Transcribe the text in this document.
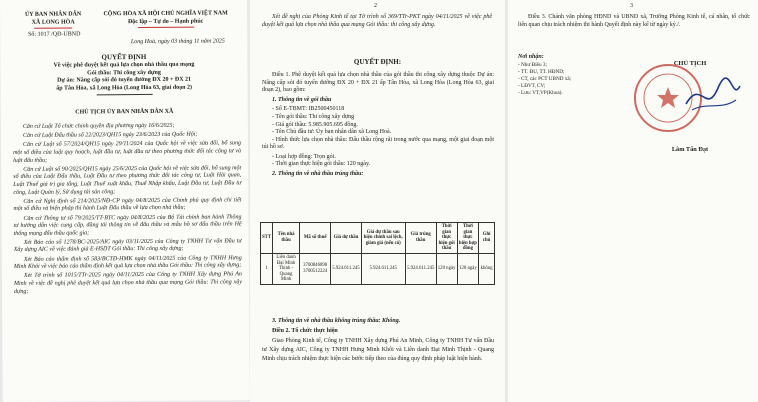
ỦY BAN NHÂN DÂN
XÃ LONG HÒA
Số: 1017 /QĐ-UBND
CỘNG HÒA XÃ HỘI CHỦ NGHĨA VIỆT NAM
Độc lập – Tự do – Hạnh phúc
Long Hoà, ngày 03 tháng 11 năm 2025
QUYẾT ĐỊNH
Về việc phê duyệt kết quả lựa chọn nhà thầu qua mạng
Gói thầu: Thi công xây dựng
Dự án: Nâng cấp sỏi đỏ tuyến đường ĐX 20 + ĐX 21
ấp Tân Hòa, xã Long Hòa (Long Hòa 63, giai đoạn 2)
CHỦ TỊCH ỦY BAN NHÂN DÂN XÃ
Căn cứ Luật Tổ chức chính quyền địa phương ngày 16/6/2025;
Căn cứ Luật Đấu thầu số 22/2023/QH15 ngày 23/6/2023 của Quốc Hội;
Căn cứ Luật số 57/2024/QH15 ngày 29/11/2024 của Quốc hội về việc sửa đổi, bổ sung một số điều của luật quy hoạch, luật đầu tư, luật đầu tư theo phương thức đối tác công tư và luật đấu thầu;
Căn cứ Luật số 90/2025/QH15 ngày 25/6/2025 của Quốc hội về việc sửa đổi, bổ sung một số điều của Luật Đấu thầu, Luật Đầu tư theo phương thức đối tác công tư, Luật Hải quan, Luật Thuế giá trị gia tăng, Luật Thuế xuất khẩu, Thuế Nhập khẩu, Luật Đầu tư, Luật Đầu tư công, Luật Quản lý, Sử dụng tài sản công;
Căn cứ Nghị định số 214/2025/NĐ-CP ngày 04/8/2025 của Chính phủ quy định chi tiết một số điều và biện pháp thi hành Luật Đấu thầu về lựa chọn nhà thầu;
Căn cứ Thông tư số 79/2025/TT-BTC ngày 04/8/2025 của Bộ Tài chính ban hành Thông tư hướng dẫn việc cung cấp, đăng tải thông tin về đấu thầu và mẫu hồ sơ đấu thầu trên Hệ thống mạng đấu thầu quốc gia;
Xét Báo cáo số 1278/BC-2025/AIC ngày 03/11/2025 của Công ty TNHH Tư vấn Đầu tư Xây dựng AIC về việc đánh giá E-HSDT Gói thầu: Thi công xây dựng;
Xét Báo cáo thẩm định số 583/BCTĐ-HMK ngày 04/11/2025 của Công ty TNHH Hưng Minh Khôi về việc báo cáo thẩm định kết quả lựa chọn nhà thầu Gói thầu: Thi công xây dựng;
Xét Tờ trình số 1015/TTr-2025 ngày 04/11/2025 của Công ty TNHH Xây dựng Phú An Minh về việc đề nghị phê duyệt kết quả lựa chọn nhà thầu qua mạng Gói thầu: Thi công xây dựng;
2
Xét đề nghị của Phòng Kinh tế tại Tờ trình số 369/TTr-PKT ngày 04/11/2025 về việc phê duyệt kết quả lựa chọn nhà thầu qua mạng Gói thầu: thi công xây dựng.
QUYẾT ĐỊNH:
Điều 1. Phê duyệt kết quả lựa chọn nhà thầu của gói thầu thi công xây dựng thuộc Dự án: Nâng cấp sỏi đỏ tuyến đường ĐX 20 + ĐX 21 ấp Tân Hòa, xã Long Hòa (Long Hòa 63, giai đoạn 2), bao gồm:
1. Thông tin về gói thầu
- Số E-TBMT: IB2500450118
- Tên gói thầu: Thi công xây dựng
- Giá gói thầu: 5.985.905.695 đồng.
- Tên Chủ đầu tư: Ủy ban nhân dân xã Long Hoà.
- Hình thức lựa chọn nhà thầu: Đấu thầu rộng rãi trong nước qua mạng, một giai đoạn một túi hồ sơ.
- Loại hợp đồng: Trọn gói.
- Thời gian thực hiện gói thầu: 120 ngày.
2. Thông tin về nhà thầu trúng thầu:
STT	Tên nhà thầu	Mã số thuế	Giá dự thầu	Giá dự thầu sau hiệu chỉnh sai lệch, giảm giá (nếu có)	Giá trúng thầu	Thời gian thực hiện gói thầu	Thời gian thực hiện hợp đồng	Ghi chú
1	Liên danh Đại Minh Thịnh - Quang Minh	3700846898 3700512224	5.924.611.245	5.924.611.245	5.924.611.245	120 ngày	120 ngày	không
3. Thông tin về nhà thầu không trúng thầu: Không.
Điều 2. Tổ chức thực hiện
Giao Phòng Kinh tế, Công ty TNHH Xây dựng Phú An Minh, Công ty TNHH Tư vấn Đầu tư Xây dựng AIC, Công ty TNHH Hưng Minh Khôi và Liên danh Đại Minh Thịnh - Quang Minh chịu trách nhiệm thực hiện các bước tiếp theo của đúng quy định pháp luật hiện hành.
3
Điều 3. Chánh văn phòng HĐND và UBND xã, Trưởng Phòng Kinh tế, cá nhân, tổ chức liên quan chịu trách nhiệm thi hành Quyết định này kể từ ngày ký./.
Nơi nhận:
- Như Điều 3;
- TT. ĐU, TT. HĐND;
- CT, các PCT UBND xã;
- LĐVT, CV;
- Lưu: VT,VP(Khoa).
CHỦ TỊCH
Lâm Tấn Đạt
